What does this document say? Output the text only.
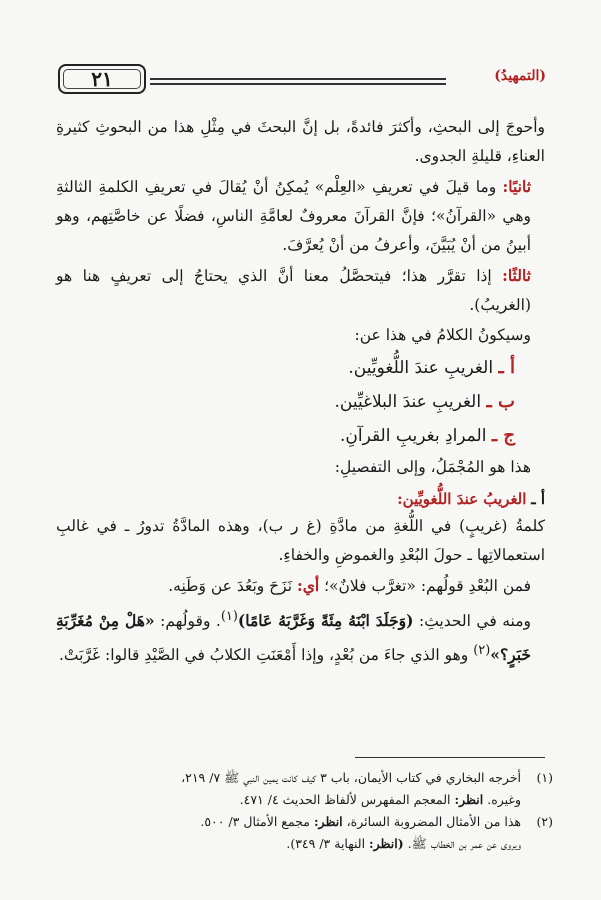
(التمهيدُ)
٢١

وأحوجَ إلى البحثِ، وأكثرَ فائدةً، بل إنَّ البحثَ في مِثْلِ هذا من البحوثِ كثيرةِ العناءِ، قليلةِ الجدوى.

ثانيًا: وما قيلَ في تعريفِ «العِلْم» يُمكِنُ أنْ يُقالَ في تعريفِ الكلمةِ الثالثةِ وهي «القرآنُ»؛ فإنَّ القرآنَ معروفٌ لعامَّةِ الناسِ، فضلًا عن خاصَّتِهم، وهو أبينُ من أنْ يُبَيَّنَ، وأعرفُ من أنْ يُعرَّفَ.

ثالثًا: إذا تقرَّر هذا؛ فيتحصَّلُ معنا أنَّ الذي يحتاجُ إلى تعريفٍ هنا هو (الغريبُ).

وسيكونُ الكلامُ في هذا عن:

أ ـ الغريبِ عندَ اللُّغويِّين.
ب ـ الغريبِ عندَ البلاغيِّين.
ج ـ المرادِ بغريبِ القرآنِ.

هذا هو المُجْمَلُ، وإلى التفصيلِ:

أ ـ الغريبُ عندَ اللُّغويِّين:

كلمةُ (غريبٍ) في اللُّغةِ من مادَّةِ (غ ر ب)، وهذه المادَّةُ تدورُ ـ في غالبِ استعمالاتِها ـ حولَ البُعْدِ والغموضِ والخفاءِ.

فمن البُعْدِ قولُهم: «تغرَّب فلانٌ»؛ أي: نَزَحَ وبَعُدَ عن وَطَنِه.

ومنه في الحديثِ: (وَجَلَدَ ابْنَهُ مِئَةً وَغَرَّبَهُ عَامًا)$^{(١)}$. وقولُهم: «هَلْ مِنْ مُغَرِّبَةِ خَبَرٍ؟»$^{(٢)}$ وهو الذي جاءَ من بُعْدٍ، وإذا أَمْعَنَتِ الكلابُ في الصَّيْدِ قالوا: غَرَّبَتْ.

(١)
أخرجه البخاري في كتاب الأيمان، باب ٣ كيف كانت يمين النبي ﷺ ٧/ ٢١٩،
وغيره. انظر: المعجم المفهرس لألفاظ الحديث ٤/ ٤٧١.
(٢)
هذا من الأمثال المضروبة السائرة، انظر: مجمع الأمثال ٣/ ٥٠٠.
ويروى عن عمر بن الخطاب ﷺ. (انظر: النهاية ٣/ ٣٤٩).
